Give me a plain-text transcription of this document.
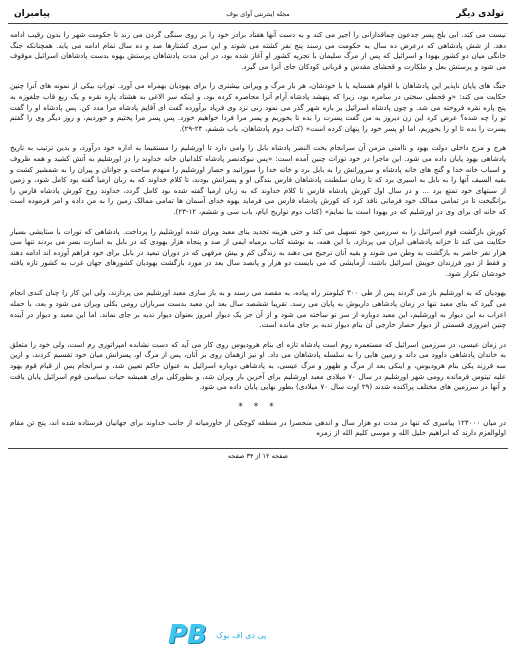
تولدی دیگر
مجله اینترنتی آوای بوف
پیامبران

نیست می کند. ابی بلخ پسر جدعون چماقدارانی را اجیر می کند و به دست آنها هفتاد برادر خود را بر روی سنگی گردن می زند تا حکومت شهر را بدون رقیب ادامه دهد. از شش پادشاهی که درعرض ده سال به حکومت می رسند پنج نفر کشته می شوند و این سری کشتارها صد و ده سال تمام ادامه می یابد. همچنانکه جنگ خانگی میان دو کشور یهودا و اسرائیل که پس از مرگ سلیمان با تجزیه کشور او آغاز شده بود، در این مدت پادشاهان پرستش یهوه بدست پادشاهان اسرائیل موقوف می شود و پرستش بعل و ملکارت و قحشای مقدس و قربانی کودکان جای آنرا می گیرد.

جنگ های پایان ناپذیر این پادشاهان با اقوام همسایه یا با خودشان، هر بار مرگ و ویرانی بیشتری را برای یهودیان بهمراه می آورد. توراتِ بیکی از نمونه های آنرا چنین حکایت می کند: «و قحطی سختی در سامره بود، زیرا که پنهشد پادشاه آرام آنرا محاصره کرده بود، و اینکه سر الاغی به هشتاد پاره نقره و یک ربع قاب جلغوزه به پنج پاره نقره فروخته می شد. و چون پادشاه اسرائیل بر باره شهر گذر می نمود زنی نزد وی فریاد برآورده گفت ای آقایم پادشاه مرا مدد کن. پس پادشاه او را گفت تو را چه شده؟ عرض کرد این زن دیروز به من گفت پسرت را بده تا بخوریم و پسر مرا فردا خواهیم خورد. پس پسر مرا پختیم و خوردیم، و روز دیگر وی را گفتم پسرت را بده تا او را بخوریم، اما او پسر خود را پنهان کرده است» (کتاب دوم پادشاهان، باب ششم، ۲۴-۲۹).

هرج و مرج داخلی دولت یهود و ناامنی مزمن آن سرانجام بخت النصر پادشاه بابل را وامی دارد تا اورشلیم را مستقیما به اداره خود درآورد، و بدین ترتیب به تاریخ پادشاهی یهود پایان داده می شود. این ماجرا در خود تورات چنین آمده است: «پس نبوکدنصر پادشاه کلدانیان خانه خداوند را در اورشلیم به آتش کشید و همه ظروف و اسباب خانه خدا و گنج های خانه پادشاه و سرورانش را به بابل برد و خانه خدا را سوزانید و حصار اورشلیم را منهدم ساخت و جوانان و پیران را به شمشیر کشت و بقیه السیف آنها را به بابل به اسیری برد که تا زمان سلطنت پادشاهان فارس بندگی او و پسرانش بودند، تا کلام خداوند که به زبان ارمیا گفته بود کامل شود، و زمین از سبتهای خود تمتع برد ... و در سال اول کورش پادشاه فارس تا کلام خداوند که به زبان ارمیا گفته شده بود کامل گردد، خداوند روح کورش پادشاه فارس را برانگیخت تا در تمامی ممالک خود فرمانی نافذ کرد که کورش پادشاه فارس می فرماید یهوه خدای آسمان ها تمامی ممالک زمین را به من داده و امر فرموده است که خانه ای برای وی در اورشلیم که در یهودا است بنا نمایم» (کتاب دوم تواریخ ایام، باب سی و ششم، ۱۲-۲۳).

کورش بازگشت قوم اسرائیل را به سرزمین خود تسهیل می کند و حتی هزینه تجدید بنای معبد ویران شده اورشلیم را پرداخت. پادشاهی که تورات با ستایشی بسیار حکایت می کند تا خزانه پادشاهی ایران می پردازد. با این همه، به نوشته کتاب برمیاه ایمی از صد و پنجاه هزار یهودی که در بابل به اسارت بسر می بردند تنها سی هزار نفر حاضر به بازگشت به وطن می شوند و بقیه آنان ترجیح می دهند به زندگی کم و بیش مرفهی که در دوران تبعید در بابل برای خود فراهم آورده اند ادامه دهند و فقط از دور فرزندان خویش اسرائیل باشند، آزمایشی که می بایست دو هزار و پانصد سال بعد در مورد بازگشت یهودیان کشورهای جهان غرب به کشور تازه یافته خودشان تکرار شود.

یهودیان که به اورشلیم باز می گردند پس از طی ۳۰۰ کیلومتر راه پیاده، به مقصد می رسند و به باز سازی معبد اورشلیم می پردازند، ولی این کار را چنان کندی انجام می گیرد که بنای معبد تنها در زمان پادشاهی داریوش به پایان می رسد. تقریبا ششصد سال بعد این معبد بدست سربازان رومی بکلی ویران می شود و بعد، با حمله اعراب به این دیوار به اورشلیم، این معبد دوباره از سر نو ساخته می شود و از آن جز یک دیوار امروز بعنوان دیوار ندبه بر جای نماند. اما این معبد و دیوار در آینده چنین امروزی قسمتی از دیوار حصار خارجی آن بنام دیوار ندبه بر جای مانده است.

در زمان عیسی، در سرزمین اسرائیل که مستعمره روم است پادشاه تازه ای بنام هرودیوس روی کار می آید که دست نشانده امپراتوری رم است، ولی خود را متعلق به خاندان پادشاهی داوود می داند و زمین هایی را به سلسله پادشاهان می داد. او نیز ازهمان روی بر آنان، پس از مرگ او، پسرانش میان خود تقسیم کردند، و ازین سه فرزند یکی بنام هرودیوس، و اینکی بعد از مرگ و ظهور و مرگ عیسی، به پادشاهی دوباره اسرائیل به عنوان حاکم تعیین شد، و سرانجام پس از قیام قوم یهود علیه تیتوس فرمانده رومی شهر اورشلیم در سال ۷۰ میلادی معبد اورشلیم برای آخرین بار ویران شد، و بطورکلی برای همیشه حیات سیاسی قوم اسرائیل پایان یافت و آنها در سرزمین های مختلف پراکنده شدند (۲۹ اوت سال ۷۰ میلادی) بطور نهایی پایان داده می شود.

* * *

در میان ۱۲۴۰۰۰ پیامبری که تنها در مدت دو هزار سال و اندهی منحصرا در منطقه کوچکی از خاورمیانه از جانب خداوند برای جهانیان فرستاده شده اند، پنج تن مقام اولوالعزم دارند که ابراهیم خلیل الله و موسی کلیم الله از زمره

صفحه ۱۲ از ۳۴ صفحه
PB	پی دی اف بوک
